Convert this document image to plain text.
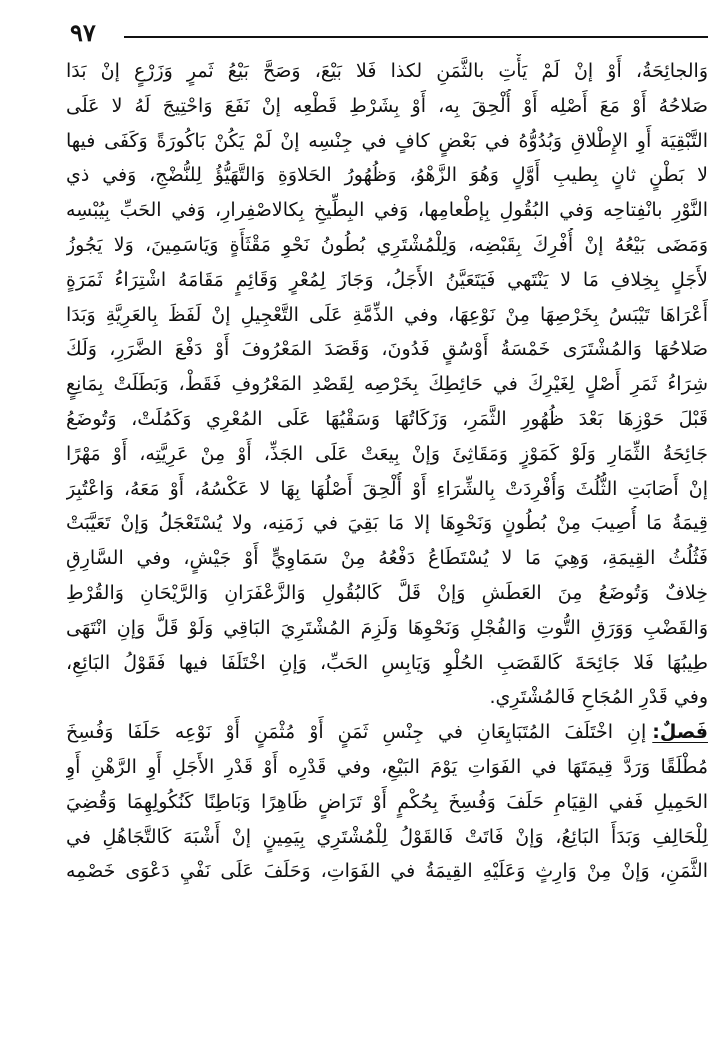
٩٧
وَالجائِحَةُ، أَوْ إنْ لَمْ يَأْتِ بالثَّمَنِ لكذا فَلا بَيْعَ، وَصَحَّ بَيْعُ ثَمرٍ وَزَرْعٍ إنْ بَدَا
صَلاحُهُ أَوْ مَعَ أَصْلِه أَوْ أُلْحِقَ بِه، أَوْ بِشَرْطِ قَطْعِه إنْ نَفَعَ وَاحْتِيجَ لَهُ لا عَلَى
التَّبْقِيَة أَوِ الإِطْلاقِ وَبُدُوُّهُ في بَعْضٍ كافٍ في جِنْسِه إنْ لَمْ يَكُنْ بَاكُورَةً وَكَفَى فيها
لا بَطْنٍ ثانٍ بِطيبِ أَوَّلٍ وَهُوَ الزَّهْوُ، وَظُهُورُ الحَلاوَةِ وَالتَّهَيُّؤُ لِلنُّضْجِ، وَفي ذي
النَّوْرِ بانْفِتاحِه وَفي البُقُولِ بِإطْعامِها، وَفي البِطِّيخِ بِكالاصْفِرارِ، وَفي الحَبِّ بِيُبْسِه
وَمَضَى بَيْعُهُ إنْ أُفْرِكَ بِقَبْضِه، وَلِلْمُشْتَرِي بُطُونُ نَحْوِ مَقْثَأَةٍ وَيَاسَمِينَ، وَلا يَجُوزُ
لأَجَلٍ بِخِلافِ مَا لا يَنْتَهي فَيَتَعَيَّنُ الأَجَلُ، وَجَازَ لِمُعْرٍ وَقَائِمٍ مَقَامَهُ اشْتِرَاءُ ثَمَرَةٍ
أَعْرَاهَا تَيْبَسُ بِخَرْصِهَا مِنْ نَوْعِهَا، وفي الذِّمَّةِ عَلَى التَّعْجِيلِ إنْ لَفَظَ بِالعَرِيَّةِ وَبَدَا
صَلاحُهَا وَالمُشْتَرَى خَمْسَةُ أَوْسُقٍ فَدُونَ، وَقَصَدَ المَعْرُوفَ أَوْ دَفْعَ الضَّرَرِ، وَلَكَ
شِرَاءُ ثَمَرِ أَصْلٍ لِغَيْرِكَ في حَائِطِكَ بِخَرْصِه لِقَصْدِ المَعْرُوفِ فَقَطْ، وَبَطَلَتْ بِمَانِعٍ
قَبْلَ حَوْزِهَا بَعْدَ ظُهُورِ الثَّمَرِ، وَزَكَاتُهَا وَسَقْيُهَا عَلَى المُعْرِي وَكَمُلَتْ، وَتُوضَعُ
جَائِحَةُ الثِّمَارِ وَلَوْ كَمَوْزٍ وَمَقَاثِئَ وَإنْ بِيعَتْ عَلَى الجَذِّ، أَوْ مِنْ عَرِيَّتِه، أَوْ مَهْرًا
إنْ أَصَابَتِ الثُّلُثَ وَأُفْرِدَتْ بِالشِّرَاءِ أَوْ أُلْحِقَ أَصْلُهَا بِهَا لا عَكْسُهُ، أَوْ مَعَهُ، وَاعْتُبِرَ
قِيمَةُ مَا أُصِيبَ مِنْ بُطُونٍ وَنَحْوِهَا إلا مَا بَقِيَ في زَمَنِه، ولا يُسْتَعْجَلُ وَإنْ تَعَيَّبَتْ
فَثُلُثُ القِيمَةِ، وَهِيَ مَا لا يُسْتَطَاعُ دَفْعُهُ مِنْ سَمَاوِيٍّ أَوْ جَيْشٍ، وفي السَّارِقِ
خِلافٌ وَتُوضَعُ مِنَ العَطَشِ وَإنْ قَلَّ كَالبُقُولِ وَالزَّعْفَرَانِ وَالرَّيْحَانِ وَالقُرْطِ
وَالقَضْبِ وَوَرَقِ التُّوتِ وَالفُجْلِ وَنَحْوِهَا وَلَزِمَ المُشْتَرِيَ البَاقِي وَلَوْ قَلَّ وَإنِ انْتَهَى
طِيبُهَا فَلا جَائِحَةَ كَالقَصَبِ الحُلْوِ وَيَابِسِ الحَبِّ، وَإنِ اخْتَلَفَا فيها فَقَوْلُ البَائِعِ،
وفي قَدْرِ المُجَاحِ فَالمُشْتَرِي.
فَصلٌ:إنِ اخْتَلَفَ المُتَبَايِعَانِ في جِنْسِ ثَمَنٍ أَوْ مُثْمَنٍ أَوْ نَوْعِه حَلَفَا وَفُسِخَ
مُطْلَقًا وَرَدَّ قِيمَتَهَا في الفَوَاتِ يَوْمَ البَيْعِ، وفي قَدْرِه أَوْ قَدْرِ الأَجَلِ أَوِ الرَّهْنِ أَوِ
الحَمِيلِ فَفي القِيَامِ حَلَفَ وَفُسِخَ بِحُكْمٍ أَوْ تَرَاضٍ ظَاهِرًا وَبَاطِنًا كَنُكُولِهِمَا وَقُضِيَ
لِلْحَالِفِ وَبَدَأَ البَائِعُ، وَإنْ فَاتَتْ فَالقَوْلُ لِلْمُشْتَرِي بِيَمِينٍ إنْ أَشْبَهَ كَالتَّجَاهُلِ في
الثَّمَنِ، وَإنْ مِنْ وَارِثٍ وَعَلَيْهِ القِيمَةُ في الفَوَاتِ، وَحَلَفَ عَلَى نَفْيِ دَعْوَى خَصْمِه
